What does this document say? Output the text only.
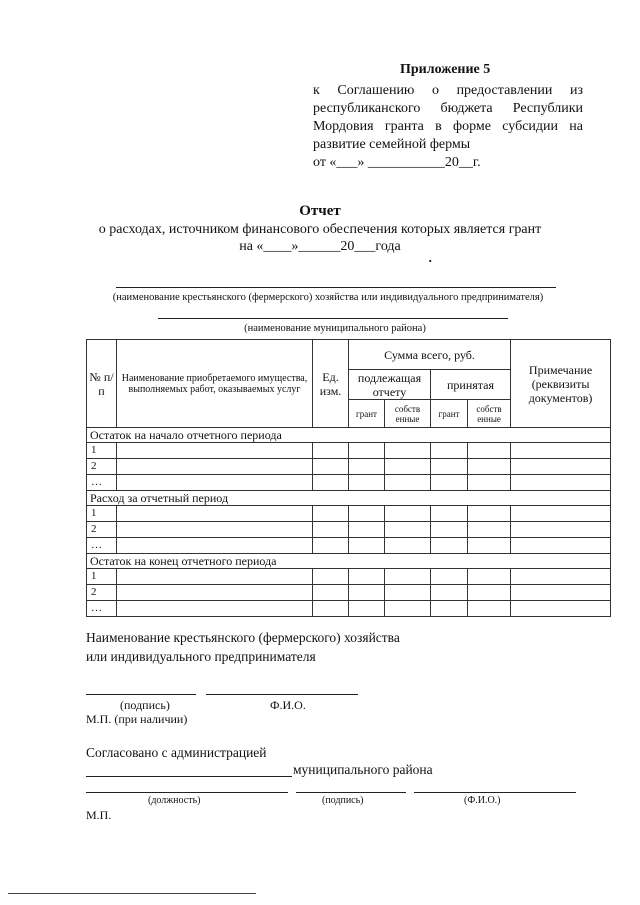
Приложение 5
к Соглашению о предоставлении из
республиканского бюджета Республики
Мордовия гранта в форме субсидии на
развитие семейной фермы
от «___» ___________20__г.
Отчет
о расходах, источником финансового обеспечения которых является грант
на «____»______20___года	.
(наименование крестьянского (фермерского) хозяйства или индивидуального предпринимателя)
(наименование муниципального района)
№ п/п	Наименование приобретаемого имущества, выполняемых работ, оказываемых услуг	Ед. изм.	Сумма всего, руб.				Примечание (реквизиты документов)
			подлежащая отчету		принятая		
			грант	собств енные	грант	собств енные	
Остаток на начало отчетного периода							
1							
2							
…							
Расход за отчетный период							
1							
2							
…							
Остаток на конец отчетного периода							
1							
2							
…							
Наименование крестьянского (фермерского) хозяйства
или индивидуального предпринимателя
(подпись)	Ф.И.О.
М.П. (при наличии)
Согласовано с администрацией
муниципального района
(должность)	(подпись)	(Ф.И.О.)
М.П.
